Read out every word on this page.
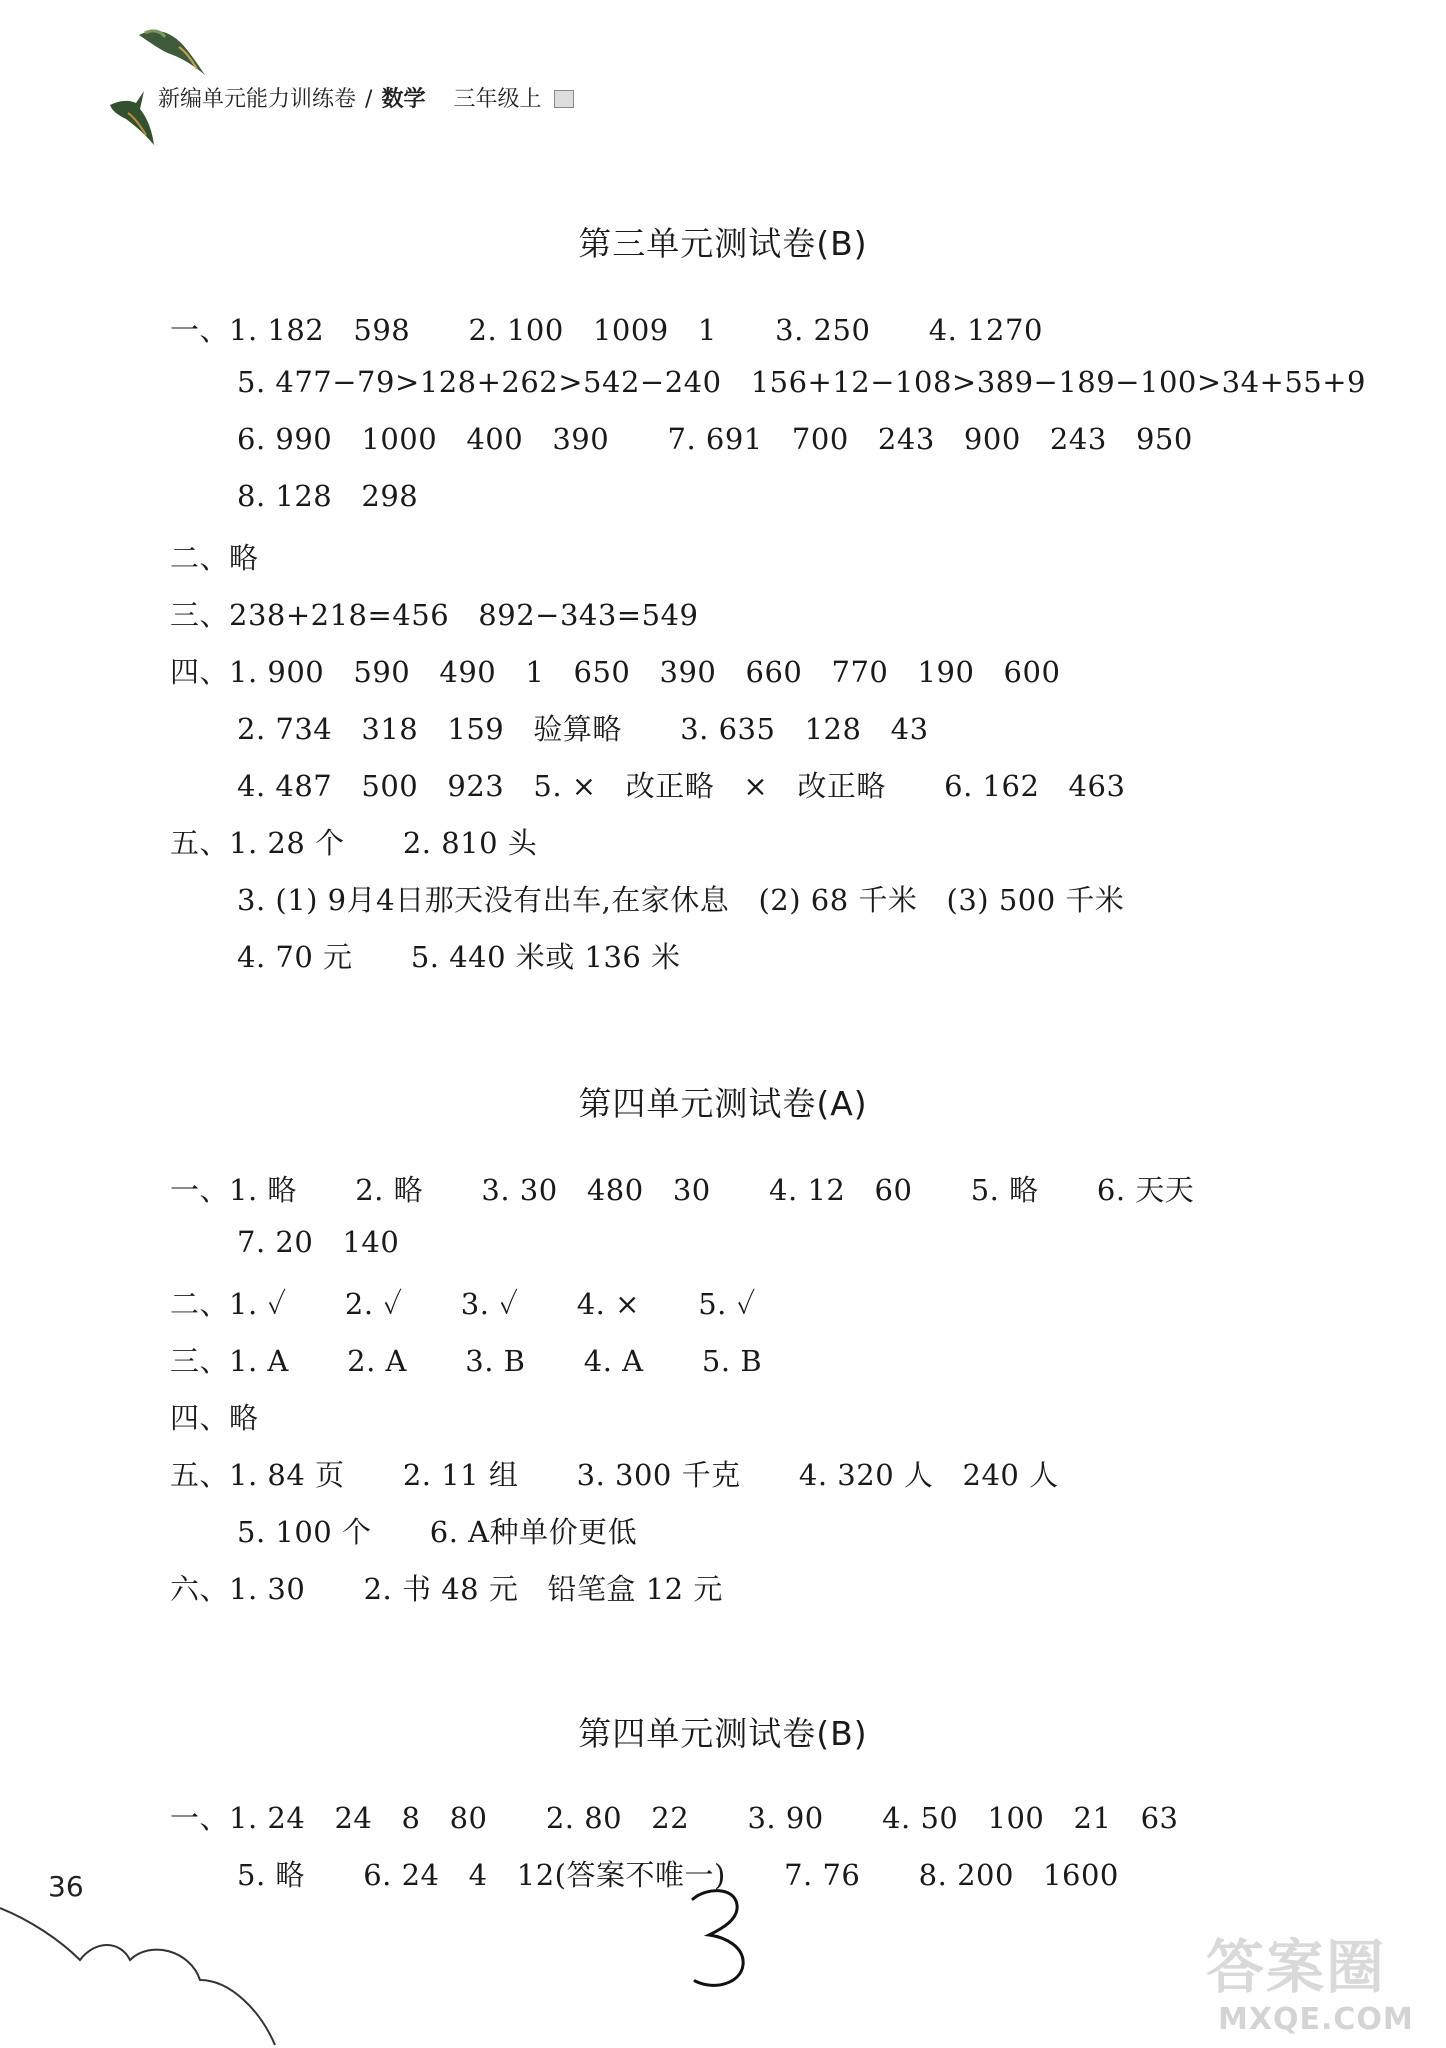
新编单元能力训练卷 / 数学 三年级上
第三单元测试卷(B)
一、1. 182   598      2. 100   1009   1      3. 250      4. 1270
5. 477−79>128+262>542−240   156+12−108>389−189−100>34+55+9
6. 990   1000   400   390      7. 691   700   243   900   243   950
8. 128   298
二、略
三、238+218=456   892−343=549
四、1. 900   590   490   1   650   390   660   770   190   600
2. 734   318   159   验算略      3. 635   128   43
4. 487   500   923   5. ×   改正略   ×   改正略      6. 162   463
五、1. 28 个      2. 810 头
3. (1) 9月4日那天没有出车,在家休息   (2) 68 千米   (3) 500 千米
4. 70 元      5. 440 米或 136 米
第四单元测试卷(A)
一、1. 略      2. 略      3. 30   480   30      4. 12   60      5. 略      6. 天天
7. 20   140
二、1. ✓      2. ✓      3. ✓      4. ×      5. ✓
三、1. A      2. A      3. B      4. A      5. B
四、略
五、1. 84 页      2. 11 组      3. 300 千克      4. 320 人   240 人
5. 100 个      6. A种单价更低
六、1. 30      2. 书 48 元   铅笔盒 12 元
第四单元测试卷(B)
一、1. 24   24   8   80      2. 80   22      3. 90      4. 50   100   21   63
5. 略      6. 24   4   12(答案不唯一)      7. 76      8. 200   1600
36
答案圈
MXQE.COM
